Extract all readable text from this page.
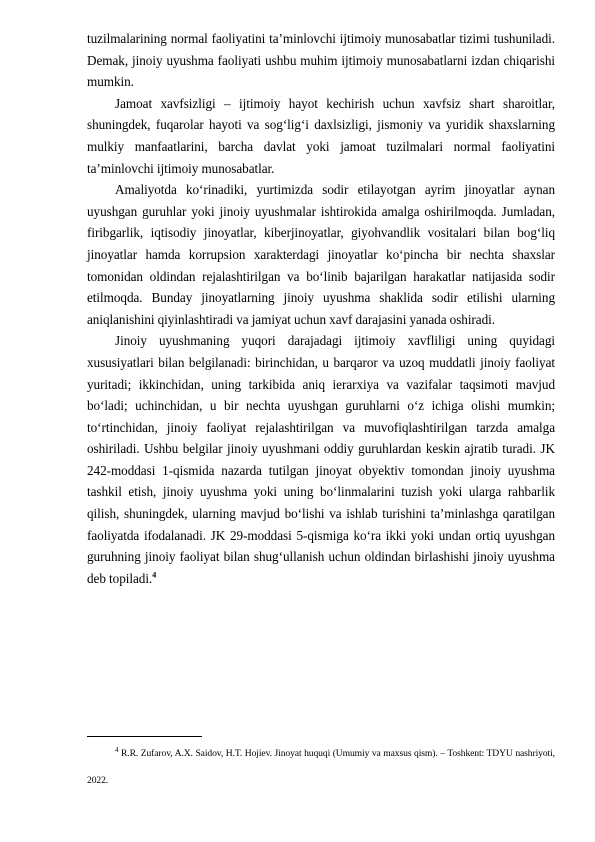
tuzilmalarining normal faoliyatini ta’minlovchi ijtimoiy munosabatlar tizimi tushuniladi. Demak, jinoiy uyushma faoliyati ushbu muhim ijtimoiy munosabatlarni izdan chiqarishi mumkin.

Jamoat xavfsizligi – ijtimoiy hayot kechirish uchun xavfsiz shart sharoitlar, shuningdek, fuqarolar hayoti va sog‘lig‘i daxlsizligi, jismoniy va yuridik shaxslarning mulkiy manfaatlarini, barcha davlat yoki jamoat tuzilmalari normal faoliyatini ta’minlovchi ijtimoiy munosabatlar.

Amaliyotda ko‘rinadiki, yurtimizda sodir etilayotgan ayrim jinoyatlar aynan uyushgan guruhlar yoki jinoiy uyushmalar ishtirokida amalga oshirilmoqda. Jumladan, firibgarlik, iqtisodiy jinoyatlar, kiberjinoyatlar, giyohvandlik vositalari bilan bog‘liq jinoyatlar hamda korrupsion xarakterdagi jinoyatlar ko‘pincha bir nechta shaxslar tomonidan oldindan rejalashtirilgan va bo‘linib bajarilgan harakatlar natijasida sodir etilmoqda. Bunday jinoyatlarning jinoiy uyushma shaklida sodir etilishi ularning aniqlanishini qiyinlashtiradi va jamiyat uchun xavf darajasini yanada oshiradi.

Jinoiy uyushmaning yuqori darajadagi ijtimoiy xavfliligi uning quyidagi xususiyatlari bilan belgilanadi: birinchidan, u barqaror va uzoq muddatli jinoiy faoliyat yuritadi; ikkinchidan, uning tarkibida aniq ierarxiya va vazifalar taqsimoti mavjud bo‘ladi; uchinchidan, u bir nechta uyushgan guruhlarni o‘z ichiga olishi mumkin; to‘rtinchidan, jinoiy faoliyat rejalashtirilgan va muvofiqlashtirilgan tarzda amalga oshiriladi. Ushbu belgilar jinoiy uyushmani oddiy guruhlardan keskin ajratib turadi. JK 242-moddasi 1-qismida nazarda tutilgan jinoyat obyektiv tomondan jinoiy uyushma tashkil etish, jinoiy uyushma yoki uning bo‘linmalarini tuzish yoki ularga rahbarlik qilish, shuningdek, ularning mavjud bo‘lishi va ishlab turishini ta’minlashga qaratilgan faoliyatda ifodalanadi. JK 29-moddasi 5-qismiga ko‘ra ikki yoki undan ortiq uyushgan guruhning jinoiy faoliyat bilan shug‘ullanish uchun oldindan birlashishi jinoiy uyushma deb topiladi.$^4$

$^4$ R.R. Zufarov, A.X. Saidov, H.T. Hojiev. Jinoyat huquqi (Umumiy va maxsus qism). – Toshkent: TDYU nashriyoti, 2022.
